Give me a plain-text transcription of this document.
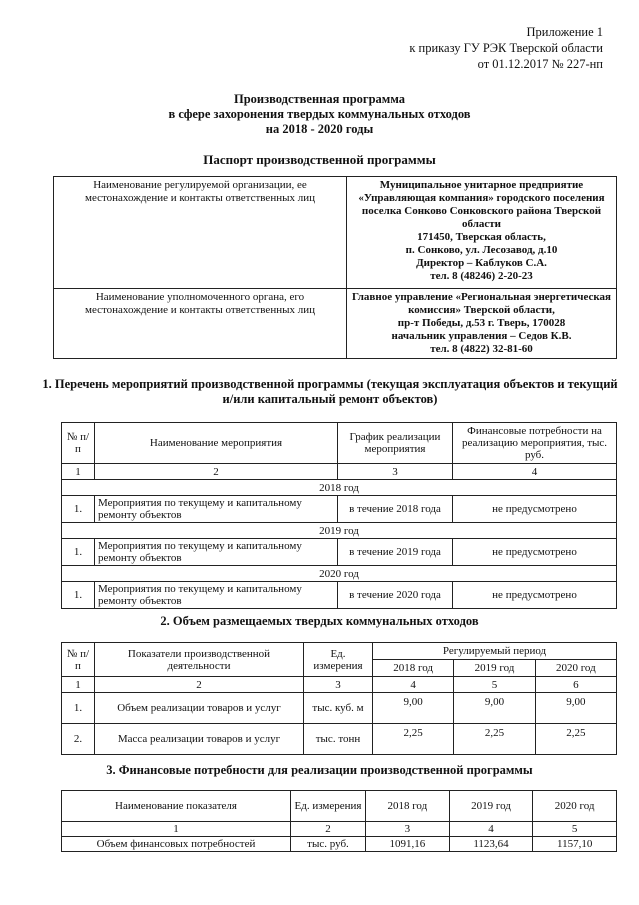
Приложение 1
к приказу ГУ РЭК Тверской области
от 01.12.2017 № 227-нп
Производственная программа
в сфере захоронения твердых коммунальных отходов
на 2018 - 2020 годы
Паспорт производственной программы
Наименование регулируемой организации, ее местонахождение и контакты ответственных лиц	Муниципальное унитарное предприятие «Управляющая компания» городского поселения поселка Сонково Сонковского района Тверской области
171450, Тверская область,
п. Сонково, ул. Лесозавод, д.10
Директор – Каблуков С.А.
тел. 8 (48246) 2-20-23

Наименование уполномоченного органа, его местонахождение и контакты ответственных лиц	Главное управление «Региональная энергетическая комиссия» Тверской области,
пр-т Победы, д.53 г. Тверь, 170028
начальник управления – Седов К.В.
тел. 8 (4822) 32-81-60
1. Перечень мероприятий производственной программы (текущая эксплуатация объектов и текущий и/или капитальный ремонт объектов)
№ п/п	Наименование мероприятия	График реализации мероприятия	Финансовые потребности на реализацию мероприятия, тыс. руб.
1	2	3	4
2018 год			
1.	Мероприятия по текущему и капитальному ремонту объектов	в течение 2018 года	не предусмотрено
2019 год			
1.	Мероприятия по текущему и капитальному ремонту объектов	в течение 2019 года	не предусмотрено
2020 год			
1.	Мероприятия по текущему и капитальному ремонту объектов	в течение 2020 года	не предусмотрено
2. Объем размещаемых твердых коммунальных отходов
№ п/п	Показатели производственной деятельности	Ед. измерения	Регулируемый период		
			2018 год	2019 год	2020 год
1	2	3	4	5	6
1.	Объем реализации товаров и услуг	тыс. куб. м	9,00	9,00	9,00
2.	Масса реализации товаров и услуг	тыс. тонн	2,25	2,25	2,25
3. Финансовые потребности для реализации производственной программы
Наименование показателя	Ед. измерения	2018 год	2019 год	2020 год
1	2	3	4	5
Объем финансовых потребностей	тыс. руб.	1091,16	1123,64	1157,10
